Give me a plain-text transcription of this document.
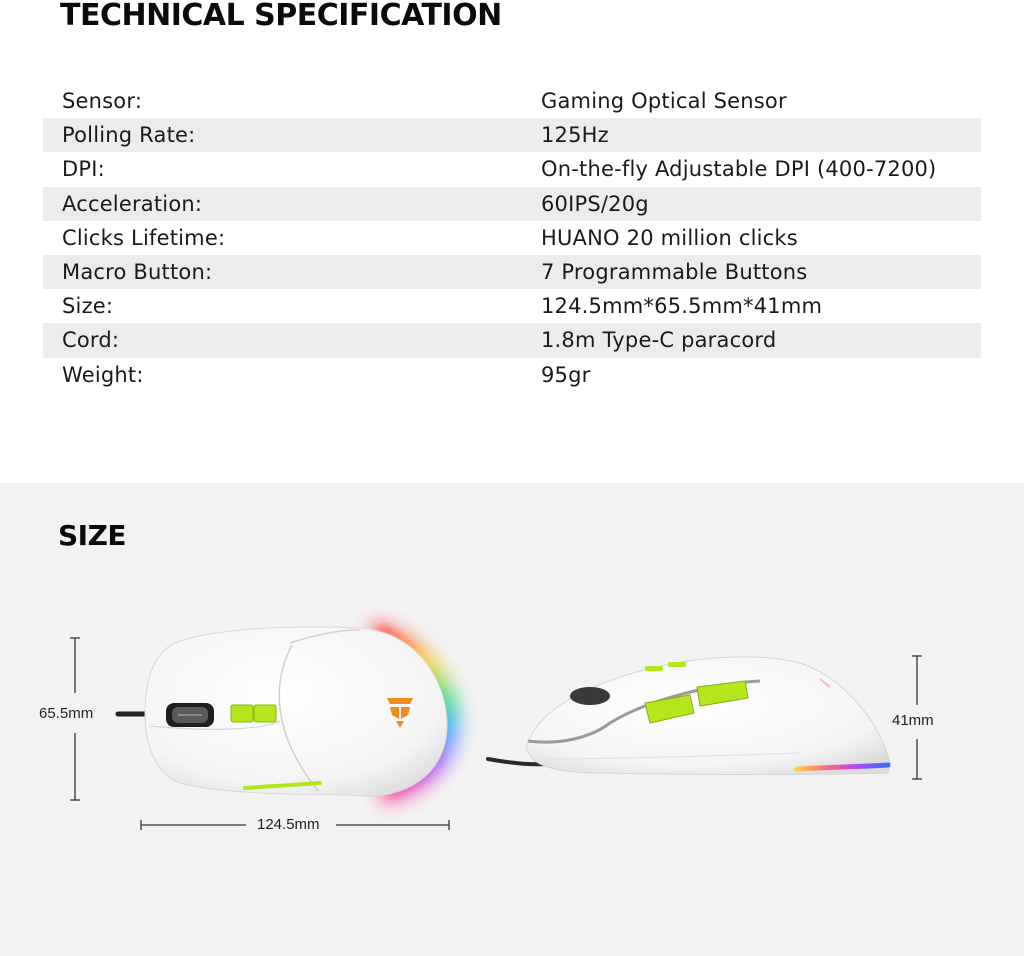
TECHNICAL SPECIFICATION
Sensor:	Gaming Optical Sensor
Polling Rate:	125Hz
DPI:	On-the-fly Adjustable DPI (400-7200)
Acceleration:	60IPS/20g
Clicks Lifetime:	HUANO 20 million clicks
Macro Button:	7 Programmable Buttons
Size:	124.5mm*65.5mm*41mm
Cord:	1.8m Type-C paracord
Weight:	95gr
SIZE
65.5mm
124.5mm
41mm
